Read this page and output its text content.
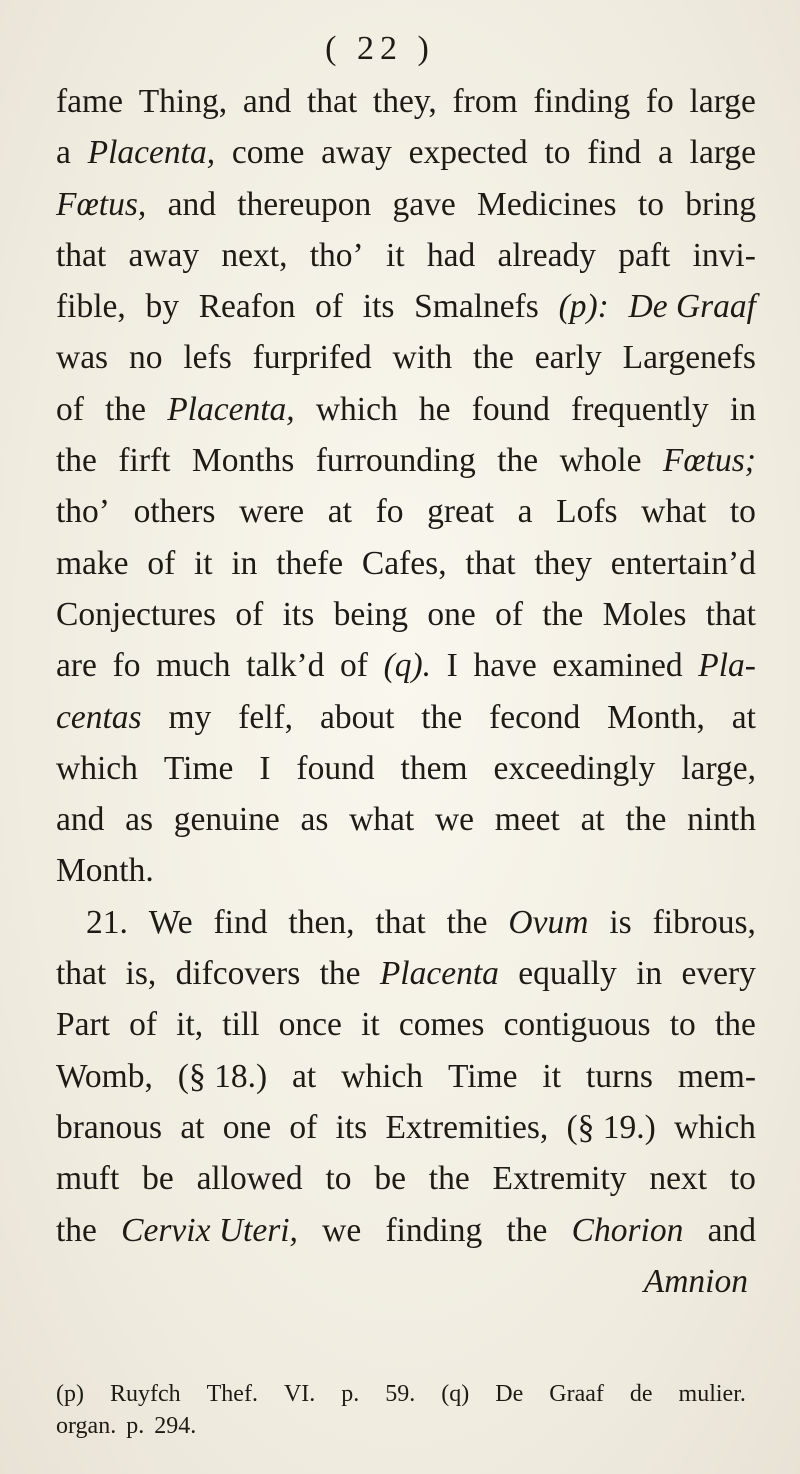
( 22 )
fame Thing, and that they, from finding fo large
a Placenta, come away expected to find a large
Fœtus, and thereupon gave Medicines to bring
that away next, tho’ it had already paft invi-
fible, by Reafon of its Smalnefs (p): De Graaf
was no lefs furprifed with the early Largenefs
of the Placenta, which he found frequently in
the firft Months furrounding the whole Fœtus;
tho’ others were at fo great a Lofs what to
make of it in thefe Cafes, that they entertain’d
Conjectures of its being one of the Moles that
are fo much talk’d of (q). I have examined Pla-
centas my felf, about the fecond Month, at
which Time I found them exceedingly large,
and as genuine as what we meet at the ninth
Month.
21. We find then, that the Ovum is fibrous,
that is, difcovers the Placenta equally in every
Part of it, till once it comes contiguous to the
Womb, (§ 18.) at which Time it turns mem-
branous at one of its Extremities, (§ 19.) which
muft be allowed to be the Extremity next to
the Cervix Uteri, we finding the Chorion and
Amnion
(p) Ruyfch Thef. VI. p. 59. (q) De Graaf de mulier.
organ. p. 294.
